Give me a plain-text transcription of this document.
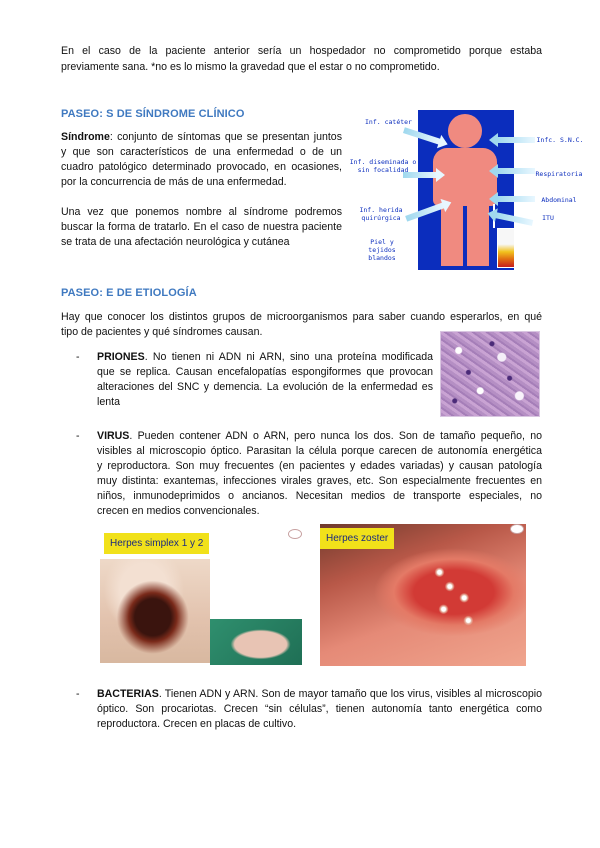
En el caso de la paciente anterior sería un hospedador no comprometido porque estaba
previamente sana. *no es lo mismo la gravedad que el estar o no comprometido.
PASEO: S DE SÍNDROME CLÍNICO
Síndrome: conjunto de síntomas que se presentan juntos
y que son característicos de una enfermedad o de un
cuadro patológico determinado provocado, en ocasiones,
por la concurrencia de más de una enfermedad.
Una vez que ponemos nombre al síndrome podremos
buscar la forma de tratarlo. En el caso de nuestra paciente
se trata de una afectación neurológica y cutánea
Inf. catéter
Inf. diseminada o
sin focalidad
Inf. herida
quirúrgica
Piel y
tejidos
blandos
Infc. S.N.C.
Respiratoria
Abdominal
ITU
PASEO: E DE ETIOLOGÍA
Hay que conocer los distintos grupos de microorganismos para saber cuando esperarlos, en qué
tipo de pacientes y qué síndromes causan.
-	PRIONES. No tienen ni ADN ni ARN, sino una proteína modificada
que se replica. Causan encefalopatías espongiformes que provocan
alteraciones del SNC y demencia. La evolución de la enfermedad es
lenta
-	VIRUS. Pueden contener ADN o ARN, pero nunca los dos. Son de tamaño pequeño, no
visibles al microscopio óptico. Parasitan la célula porque carecen de autonomía energética
y reproductora. Son muy frecuentes (en pacientes y edades variadas) y causan patología
muy distinta: exantemas, infecciones virales graves, etc. Son especialmente frecuentes en
niños, inmunodeprimidos o ancianos. Necesitan medios de transporte especiales, no
crecen en medios convencionales.
Herpes simplex 1 y 2	Herpes zoster
-	BACTERIAS. Tienen ADN y ARN. Son de mayor tamaño que los virus, visibles al microscopio
óptico. Son procariotas. Crecen “sin células”, tienen autonomía tanto energética como
reproductora. Crecen en placas de cultivo.
